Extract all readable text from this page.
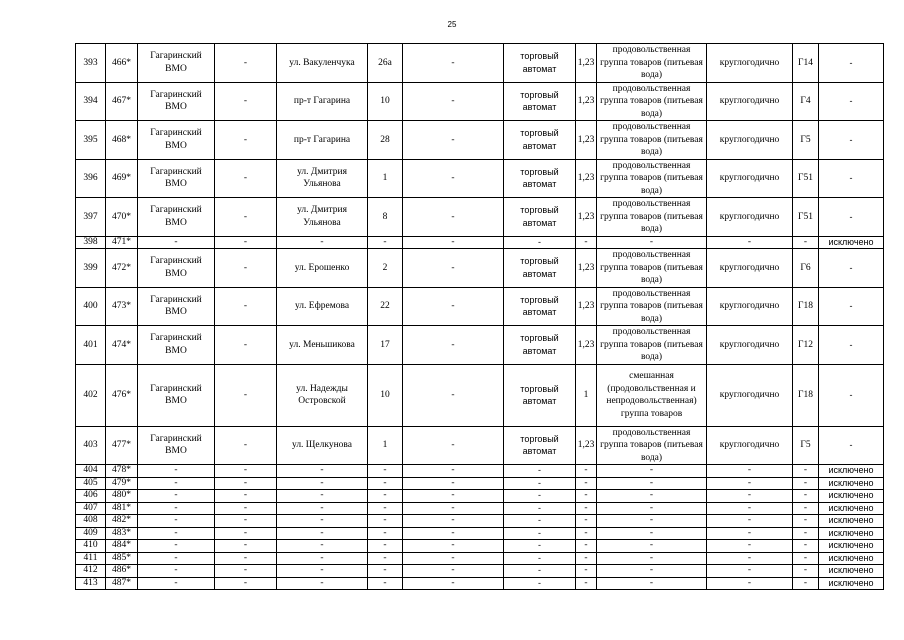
25
393	466*	Гагаринский ВМО	-	ул. Вакуленчука	26а	-	торговый автомат	1,23	продовольственная группа товаров (питьевая вода)	круглогодично	Г14	-
394	467*	Гагаринский ВМО	-	пр-т Гагарина	10	-	торговый автомат	1,23	продовольственная группа товаров (питьевая вода)	круглогодично	Г4	-
395	468*	Гагаринский ВМО	-	пр-т Гагарина	28	-	торговый автомат	1,23	продовольственная группа товаров (питьевая вода)	круглогодично	Г5	-
396	469*	Гагаринский ВМО	-	ул. Дмитрия Ульянова	1	-	торговый автомат	1,23	продовольственная группа товаров (питьевая вода)	круглогодично	Г51	-
397	470*	Гагаринский ВМО	-	ул. Дмитрия Ульянова	8	-	торговый автомат	1,23	продовольственная группа товаров (питьевая вода)	круглогодично	Г51	-
398	471*	-	-	-	-	-	-	-	-	-	-	исключено
399	472*	Гагаринский ВМО	-	ул. Ерошенко	2	-	торговый автомат	1,23	продовольственная группа товаров (питьевая вода)	круглогодично	Г6	-
400	473*	Гагаринский ВМО	-	ул. Ефремова	22	-	торговый автомат	1,23	продовольственная группа товаров (питьевая вода)	круглогодично	Г18	-
401	474*	Гагаринский ВМО	-	ул. Меньшикова	17	-	торговый автомат	1,23	продовольственная группа товаров (питьевая вода)	круглогодично	Г12	-
402	476*	Гагаринский ВМО	-	ул. Надежды Островской	10	-	торговый автомат	1	смешанная (продовольственная и непродовольственная) группа товаров	круглогодично	Г18	-
403	477*	Гагаринский ВМО	-	ул. Щелкунова	1	-	торговый автомат	1,23	продовольственная группа товаров (питьевая вода)	круглогодично	Г5	-
404	478*	-	-	-	-	-	-	-	-	-	-	исключено
405	479*	-	-	-	-	-	-	-	-	-	-	исключено
406	480*	-	-	-	-	-	-	-	-	-	-	исключено
407	481*	-	-	-	-	-	-	-	-	-	-	исключено
408	482*	-	-	-	-	-	-	-	-	-	-	исключено
409	483*	-	-	-	-	-	-	-	-	-	-	исключено
410	484*	-	-	-	-	-	-	-	-	-	-	исключено
411	485*	-	-	-	-	-	-	-	-	-	-	исключено
412	486*	-	-	-	-	-	-	-	-	-	-	исключено
413	487*	-	-	-	-	-	-	-	-	-	-	исключено
